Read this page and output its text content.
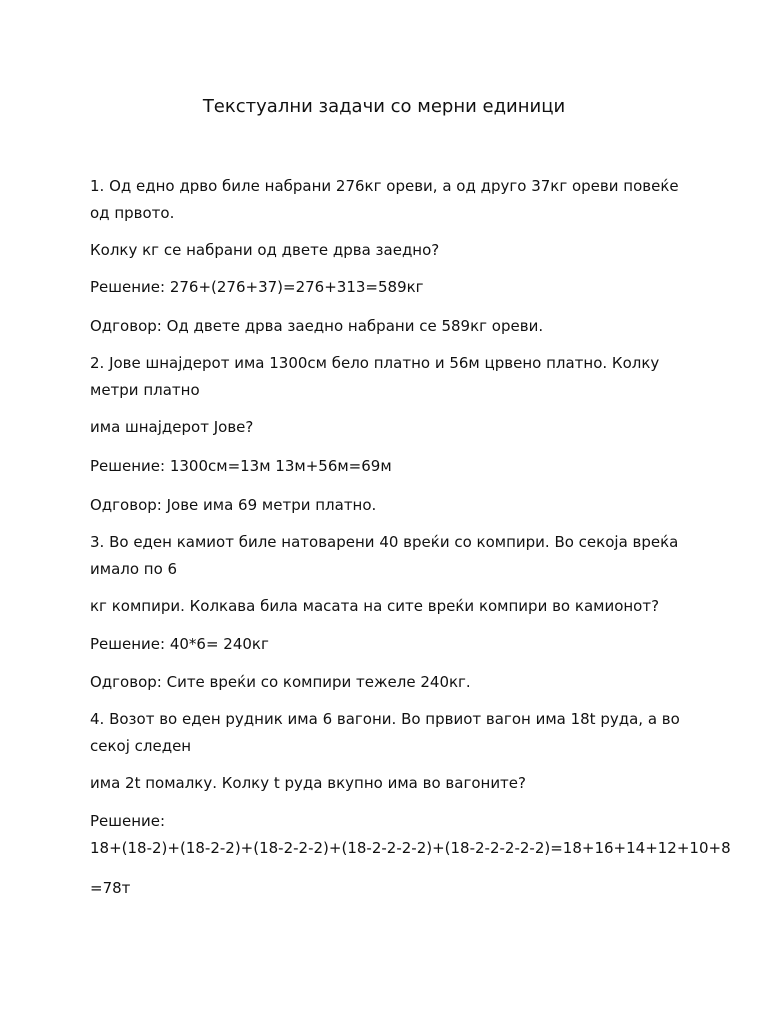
Текстуални задачи со мерни единици

1. Од едно дрво биле набрани 276кг ореви, а од друго 37кг ореви повеќе од првото.

Колку кг се набрани од двете дрва заедно?

Решение: 276+(276+37)=276+313=589кг

Одговор: Од двете дрва заедно набрани се 589кг ореви.

2. Јове шнајдерот има 1300см бело платно и 56м црвено платно. Колку метри платно

има шнајдерот Јове?

Решение: 1300см=13м 13м+56м=69м

Одговор: Јове има 69 метри платно.

3. Во еден камиот биле натоварени 40 вреќи со компири. Во секоја вреќа имало по 6

кг компири. Колкава била масата на сите вреќи компири во камионот?

Решение: 40*6= 240кг

Одговор: Сите вреќи со компири тежеле 240кг.

4. Возот во еден рудник има 6 вагони. Во првиот вагон има 18t руда, а во секој следен

има 2t помалку. Колку t руда вкупно има во вагоните?

Решение:

18+(18-2)+(18-2-2)+(18-2-2-2)+(18-2-2-2-2)+(18-2-2-2-2-2)=18+16+14+12+10+8

=78т
